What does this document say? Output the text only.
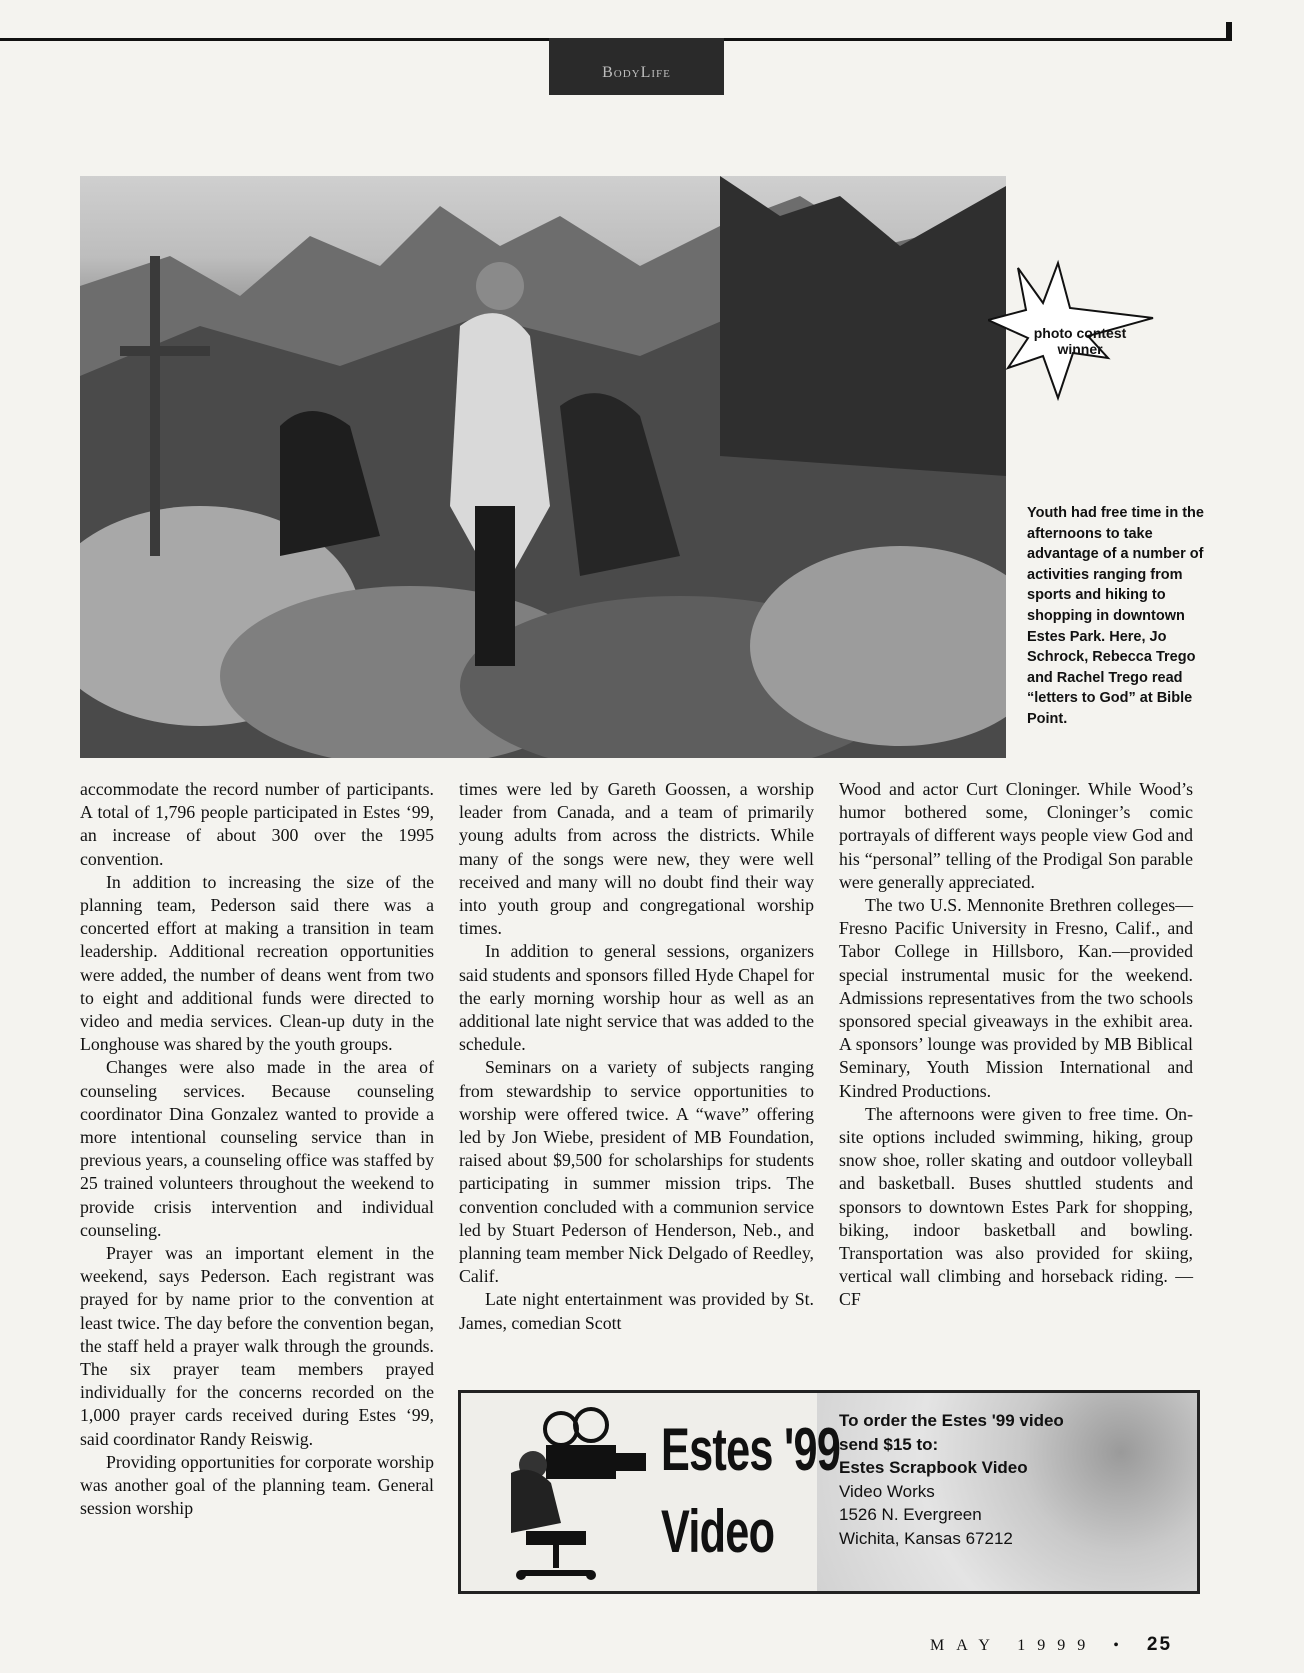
BodyLife
photo contest winner
Youth had free time in the afternoons to take advantage of a number of activities ranging from sports and hiking to shopping in downtown Estes Park. Here, Jo Schrock, Rebecca Trego and Rachel Trego read “letters to God” at Bible Point.

accommodate the record number of participants. A total of 1,796 people participated in Estes ‘99, an increase of about 300 over the 1995 convention.

In addition to increasing the size of the planning team, Pederson said there was a concerted effort at making a transition in team leadership. Additional recreation opportunities were added, the number of deans went from two to eight and additional funds were directed to video and media services. Clean-up duty in the Longhouse was shared by the youth groups.

Changes were also made in the area of counseling services. Because counseling coordinator Dina Gonzalez wanted to provide a more intentional counseling service than in previous years, a counseling office was staffed by 25 trained volunteers throughout the weekend to provide crisis intervention and individual counseling.

Prayer was an important element in the weekend, says Pederson. Each registrant was prayed for by name prior to the convention at least twice. The day before the convention began, the staff held a prayer walk through the grounds. The six prayer team members prayed individually for the concerns recorded on the 1,000 prayer cards received during Estes ‘99, said coordinator Randy Reiswig.

Providing opportunities for corporate worship was another goal of the planning team. General session worship

times were led by Gareth Goossen, a worship leader from Canada, and a team of primarily young adults from across the districts. While many of the songs were new, they were well received and many will no doubt find their way into youth group and congregational worship times.

In addition to general sessions, organizers said students and sponsors filled Hyde Chapel for the early morning worship hour as well as an additional late night service that was added to the schedule.

Seminars on a variety of subjects ranging from stewardship to service opportunities to worship were offered twice. A “wave” offering led by Jon Wiebe, president of MB Foundation, raised about $9,500 for scholarships for students participating in summer mission trips. The convention concluded with a communion service led by Stuart Pederson of Henderson, Neb., and planning team member Nick Delgado of Reedley, Calif.

Late night entertainment was provided by St. James, comedian Scott

Wood and actor Curt Cloninger. While Wood’s humor bothered some, Cloninger’s comic portrayals of different ways people view God and his “personal” telling of the Prodigal Son parable were generally appreciated.

The two U.S. Mennonite Brethren colleges—Fresno Pacific University in Fresno, Calif., and Tabor College in Hillsboro, Kan.—provided special instrumental music for the weekend. Admissions representatives from the two schools sponsored special giveaways in the exhibit area. A sponsors’ lounge was provided by MB Biblical Seminary, Youth Mission International and Kindred Productions.

The afternoons were given to free time. On-site options included swimming, hiking, group snow shoe, roller skating and outdoor volleyball and basketball. Buses shuttled students and sponsors to downtown Estes Park for shopping, biking, indoor basketball and bowling. Transportation was also provided for skiing, vertical wall climbing and horseback riding. —CF

Estes '99
Video
To order the Estes '99 video
send $15 to:
Estes Scrapbook Video
Video Works
1526 N. Evergreen
Wichita, Kansas 67212
MAY 1999 • 25
